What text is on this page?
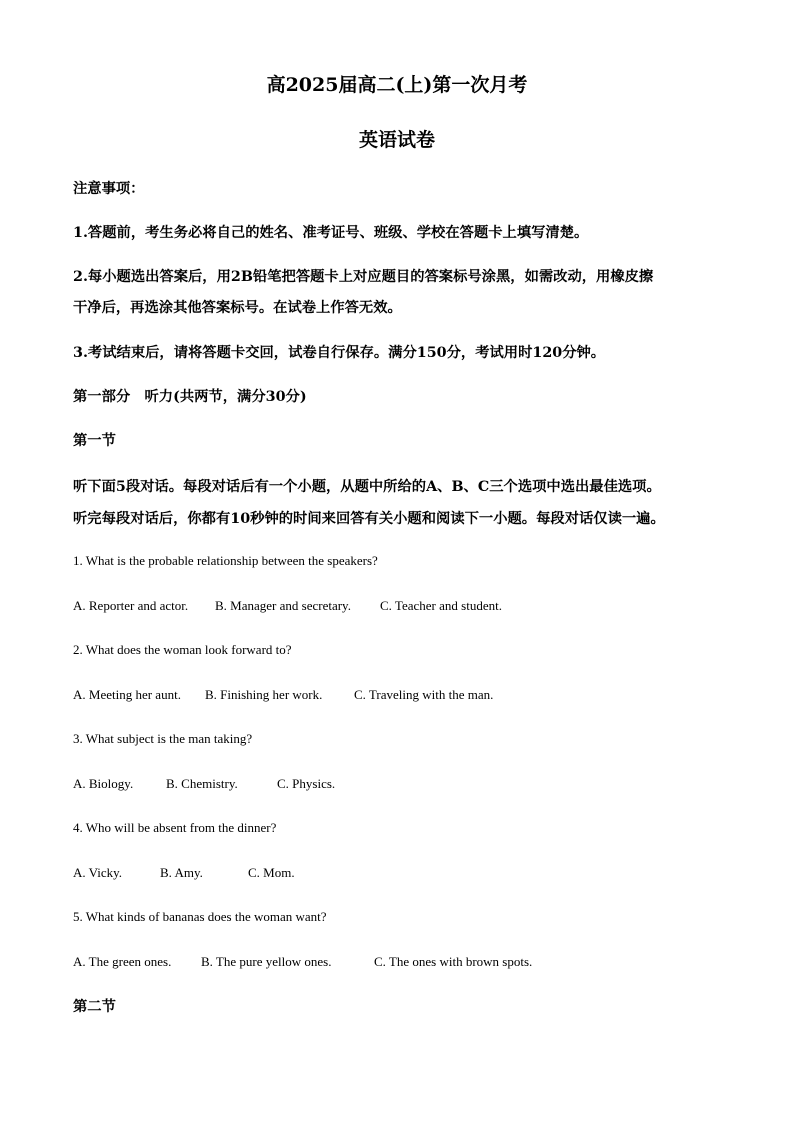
高2025届高二(上)第一次月考
英语试卷
注意事项：
1.答题前，考生务必将自己的姓名、准考证号、班级、学校在答题卡上填写清楚。
2.每小题选出答案后，用2B铅笔把答题卡上对应题目的答案标号涂黑，如需改动，用橡皮擦
干净后，再选涂其他答案标号。在试卷上作答无效。
3.考试结束后，请将答题卡交回，试卷自行保存。满分150分，考试用时120分钟。
第一部分　听力(共两节，满分30分)
第一节
听下面5段对话。每段对话后有一个小题，从题中所给的A、B、C三个选项中选出最佳选项。
听完每段对话后，你都有10秒钟的时间来回答有关小题和阅读下一小题。每段对话仅读一遍。
1. What is the probable relationship between the speakers?
A. Reporter and actor. B. Manager and secretary. C. Teacher and student.
2. What does the woman look forward to?
A. Meeting her aunt. B. Finishing her work. C. Traveling with the man.
3. What subject is the man taking?
A. Biology.	B. Chemistry.	C. Physics.
4. Who will be absent from the dinner?
A. Vicky.	B. Amy.	C. Mom.
5. What kinds of bananas does the woman want?
A. The green ones. B. The pure yellow ones.	C. The ones with brown spots.
第二节
